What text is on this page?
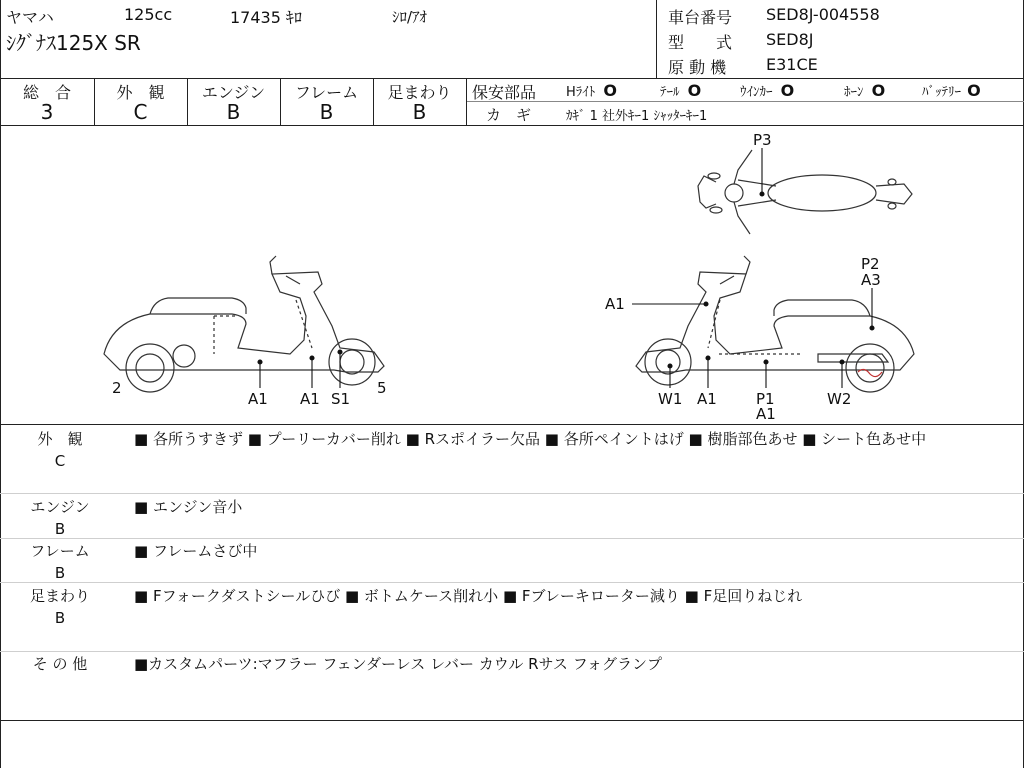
ヤマハ	125cc	17435 ｷﾛ	ｼﾛ/ｱｵ
ｼｸﾞﾅｽ125X SR
車台番号 SED8J-004558
型　　式 SED8J
原 動 機 E31CE
総　合
3
外　観
C
エンジン
B
フレーム
B
足まわり
B
保安部品 Hﾗｲﾄ O	ﾃｰﾙ O	ｳｲﾝｶｰ O	ﾎｰﾝ O	ﾊﾞｯﾃﾘｰ O
カ　ギ	ｶｷﾞ 1 社外ｷｰ1 ｼｬｯﾀｰｷｰ1
P3
2	5
A1 A1 S1
A1
P2
A3
W1 A1	P1
A1
W2
外　観
C
■ 各所うすきず ■ プーリーカバー削れ ■ Rスポイラー欠品 ■ 各所ペイントはげ ■ 樹脂部色あせ ■ シート色あせ中
エンジン
B
■ エンジン音小
フレーム
B
■ フレームさび中
足まわり
B
■ Fフォークダストシールひび ■ ボトムケース削れ小 ■ Fブレーキローター減り ■ F足回りねじれ
そ の 他	■カスタムパーツ:マフラー フェンダーレス レバー カウル Rサス フォグランプ
